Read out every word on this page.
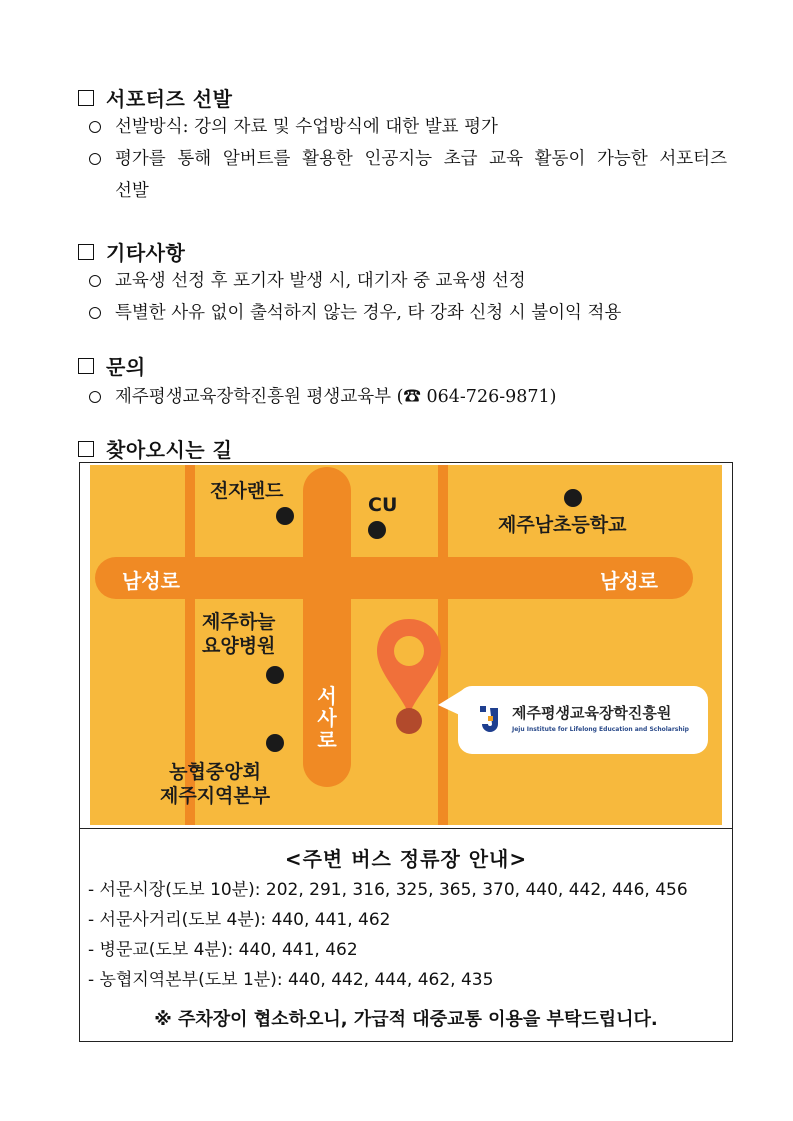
서포터즈 선발
선발방식: 강의 자료 및 수업방식에 대한 발표 평가
평가를 통해 알버트를 활용한 인공지능 초급 교육 활동이 가능한 서포터즈 선발
기타사항
교육생 선정 후 포기자 발생 시, 대기자 중 교육생 선정
특별한 사유 없이 출석하지 않는 경우, 타 강좌 신청 시 불이익 적용
문의
제주평생교육장학진흥원 평생교육부 (☎ 064-726-9871)
찾아오시는 길
남성로	남성로
서
사
로
전자랜드
CU
제주남초등학교
제주하늘
요양병원
농협중앙회
제주지역본부
제주평생교육장학진흥원
Jeju Institute for Lifelong Education and Scholarship
<주변 버스 정류장 안내>
- 서문시장(도보 10분): 202, 291, 316, 325, 365, 370, 440, 442, 446, 456
- 서문사거리(도보 4분): 440, 441, 462
- 병문교(도보 4분): 440, 441, 462
- 농협지역본부(도보 1분): 440, 442, 444, 462, 435
※ 주차장이 협소하오니, 가급적 대중교통 이용을 부탁드립니다.
